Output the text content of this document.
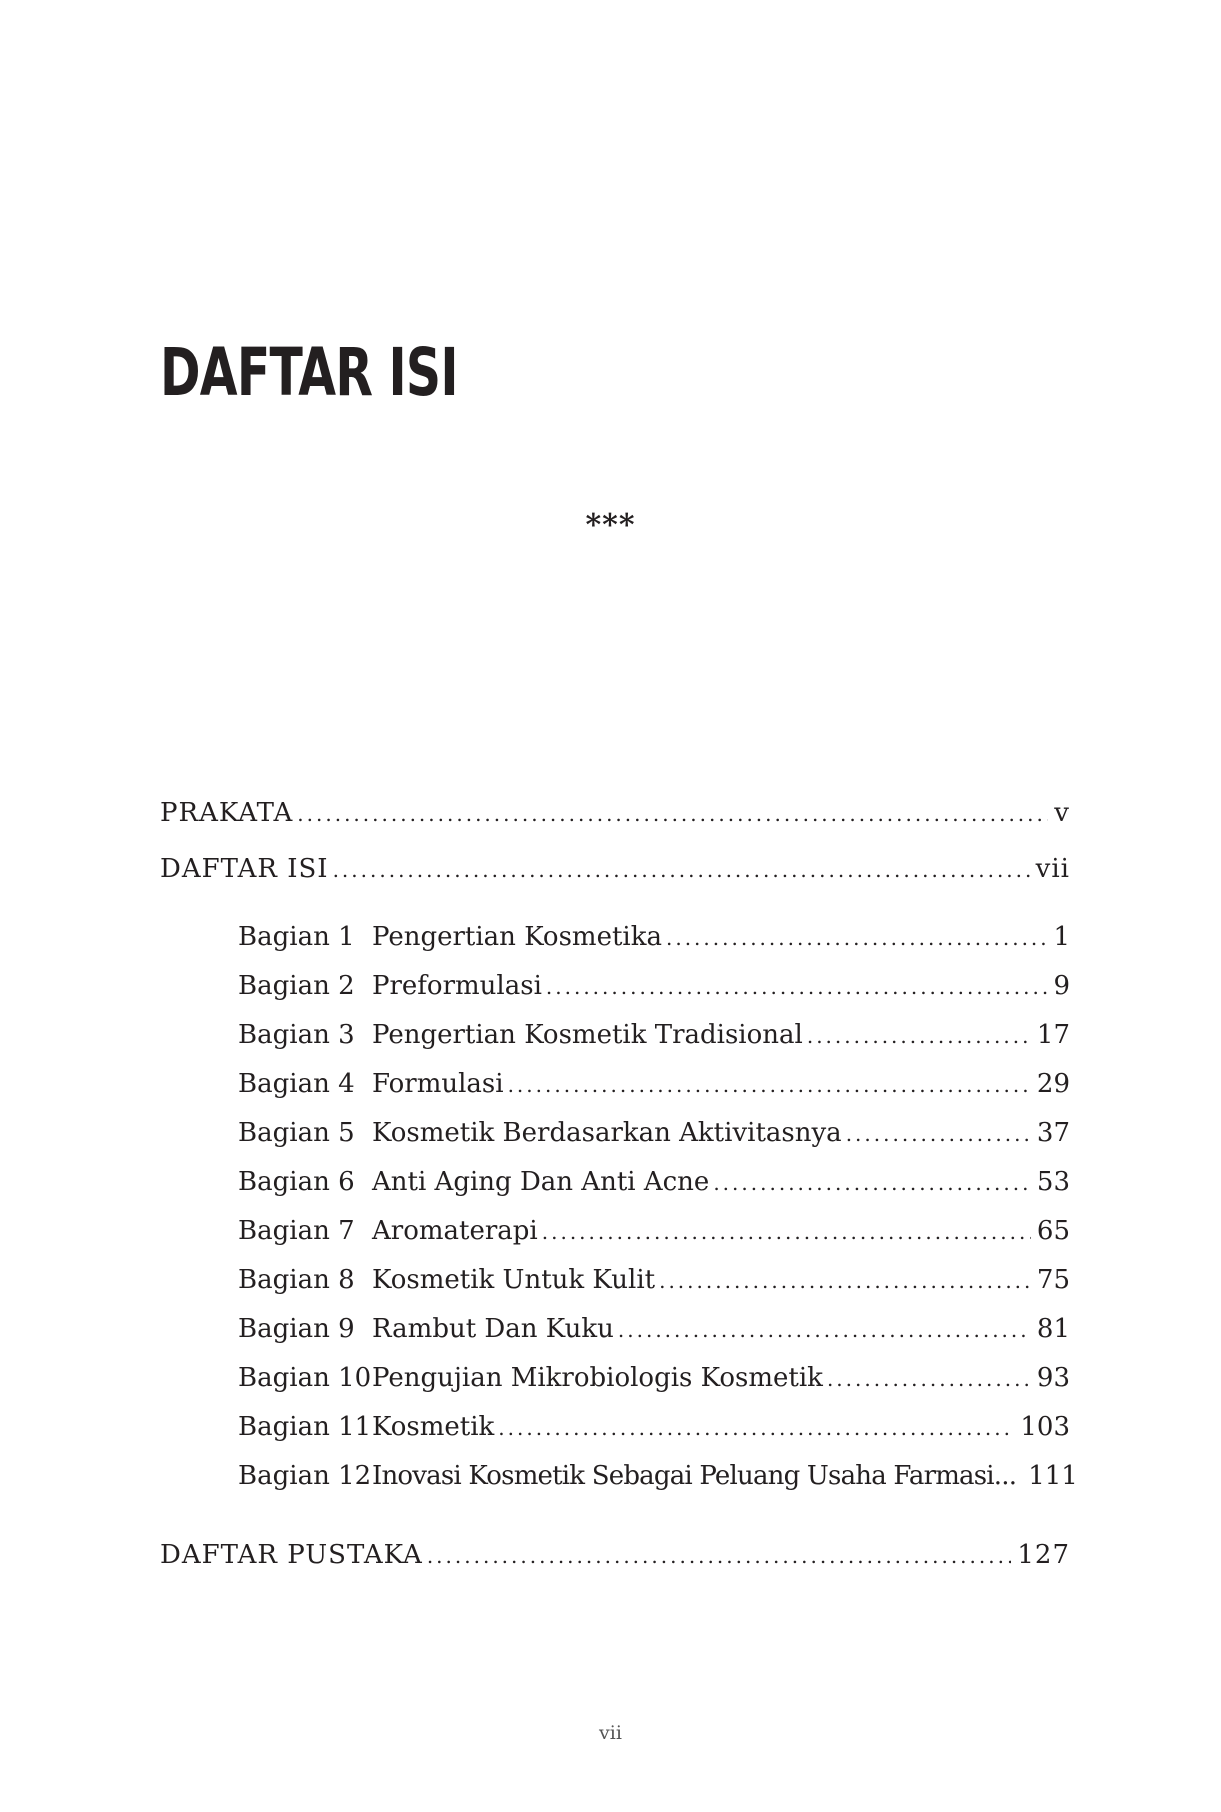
DAFTAR ISI
***
PRAKATA .....	v
DAFTAR ISI .....	vii
Bagian 1 Pengertian Kosmetika .....	1
Bagian 2 Preformulasi .....	9
Bagian 3 Pengertian Kosmetik Tradisional .....	17
Bagian 4 Formulasi .....	29
Bagian 5 Kosmetik Berdasarkan Aktivitasnya .....	37
Bagian 6 Anti Aging Dan Anti Acne .....	53
Bagian 7 Aromaterapi .....	65
Bagian 8 Kosmetik Untuk Kulit .....	75
Bagian 9 Rambut Dan Kuku .....	81
Bagian 10 Pengujian Mikrobiologis Kosmetik .....	93
Bagian 11 Kosmetik .....	103
Bagian 12 Inovasi Kosmetik Sebagai Peluang Usaha Farmasi... 111
DAFTAR PUSTAKA .....	127
vii
